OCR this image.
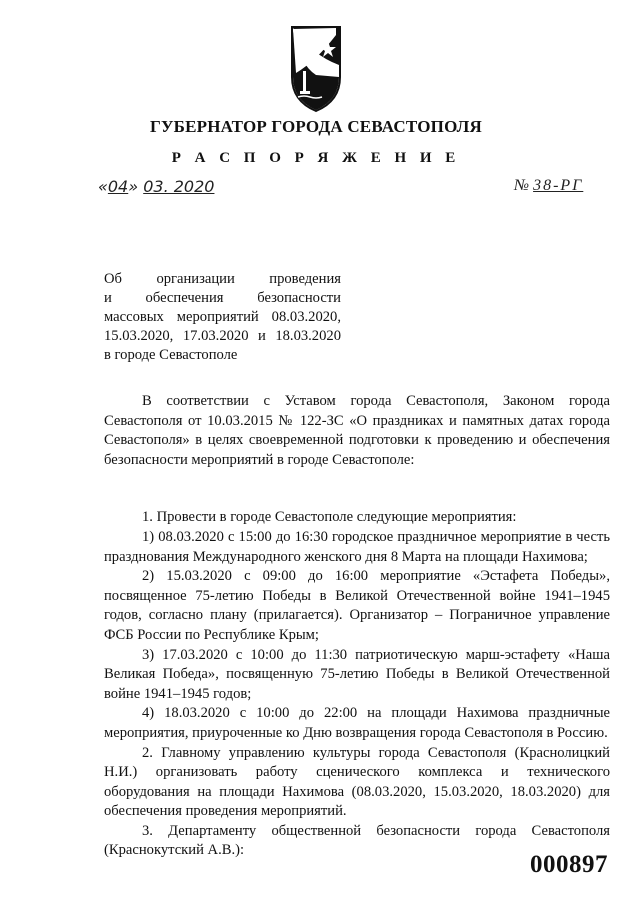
ГУБЕРНАТОР ГОРОДА СЕВАСТОПОЛЯ
Р А С П О Р Я Ж Е Н И Е
«04» 03. 2020	№ 38-РГ
Об организации проведения
и обеспечения безопасности
массовых мероприятий 08.03.2020,
15.03.2020, 17.03.2020 и 18.03.2020
в городе Севастополе

В соответствии с Уставом города Севастополя, Законом города Севастополя от 10.03.2015 № 122-ЗС «О праздниках и памятных датах города Севастополя» в целях своевременной подготовки к проведению и обеспечения безопасности мероприятий в городе Севастополе:

1. Провести в городе Севастополе следующие мероприятия:

1) 08.03.2020 с 15:00 до 16:30 городское праздничное мероприятие в честь празднования Международного женского дня 8 Марта на площади Нахимова;

2) 15.03.2020 с 09:00 до 16:00 мероприятие «Эстафета Победы», посвященное 75-летию Победы в Великой Отечественной войне 1941–1945 годов, согласно плану (прилагается). Организатор – Пограничное управление ФСБ России по Республике Крым;

3) 17.03.2020 с 10:00 до 11:30 патриотическую марш-эстафету «Наша Великая Победа», посвященную 75-летию Победы в Великой Отечественной войне 1941–1945 годов;

4) 18.03.2020 с 10:00 до 22:00 на площади Нахимова праздничные мероприятия, приуроченные ко Дню возвращения города Севастополя в Россию.

2. Главному управлению культуры города Севастополя (Краснолицкий Н.И.) организовать работу сценического комплекса и технического оборудования на площади Нахимова (08.03.2020, 15.03.2020, 18.03.2020) для обеспечения проведения мероприятий.

3. Департаменту общественной безопасности города Севастополя (Краснокутский А.В.):

000897
